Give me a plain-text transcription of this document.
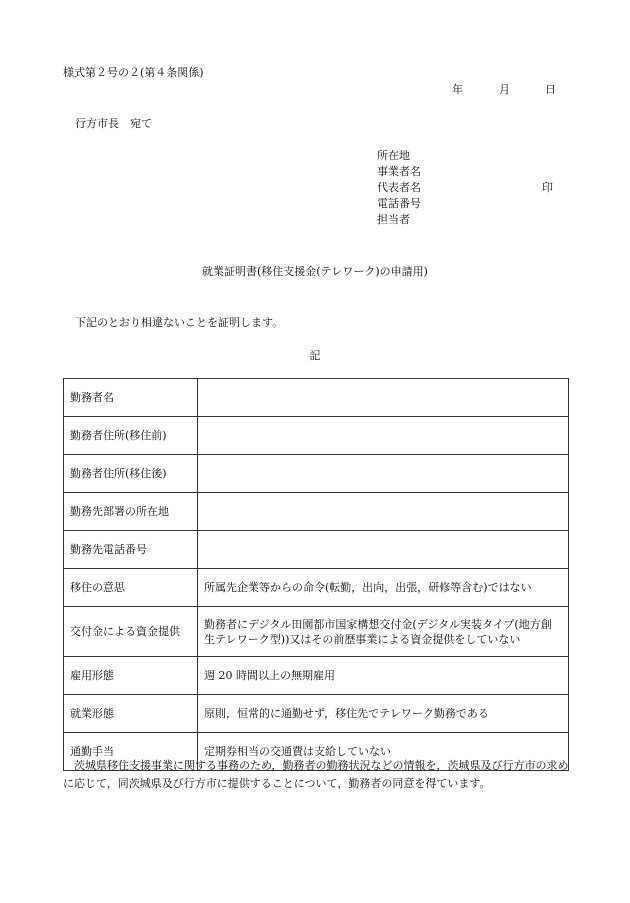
様式第２号の２(第４条関係)
年	月	日
行方市長　宛て
所在地
事業者名
代表者名	印
電話番号
担当者
就業証明書(移住支援金(テレワーク)の申請用)
下記のとおり相違ないことを証明します。
記
勤務者名	
勤務者住所(移住前)	
勤務者住所(移住後)	
勤務先部署の所在地	
勤務先電話番号	
移住の意思	所属先企業等からの命令(転勤，出向，出張，研修等含む)ではない
交付金による資金提供	勤務者にデジタル田園都市国家構想交付金(デジタル実装タイプ(地方創生テレワーク型))又はその前歴事業による資金提供をしていない
雇用形態	週 20 時間以上の無期雇用
就業形態	原則，恒常的に通勤せず，移住先でテレワーク勤務である
通勤手当	定期券相当の交通費は支給していない
茨城県移住支援事業に関する事務のため，勤務者の勤務状況などの情報を，茨城県及び行方市の求めに応じて，同茨城県及び行方市に提供することについて，勤務者の同意を得ています。
